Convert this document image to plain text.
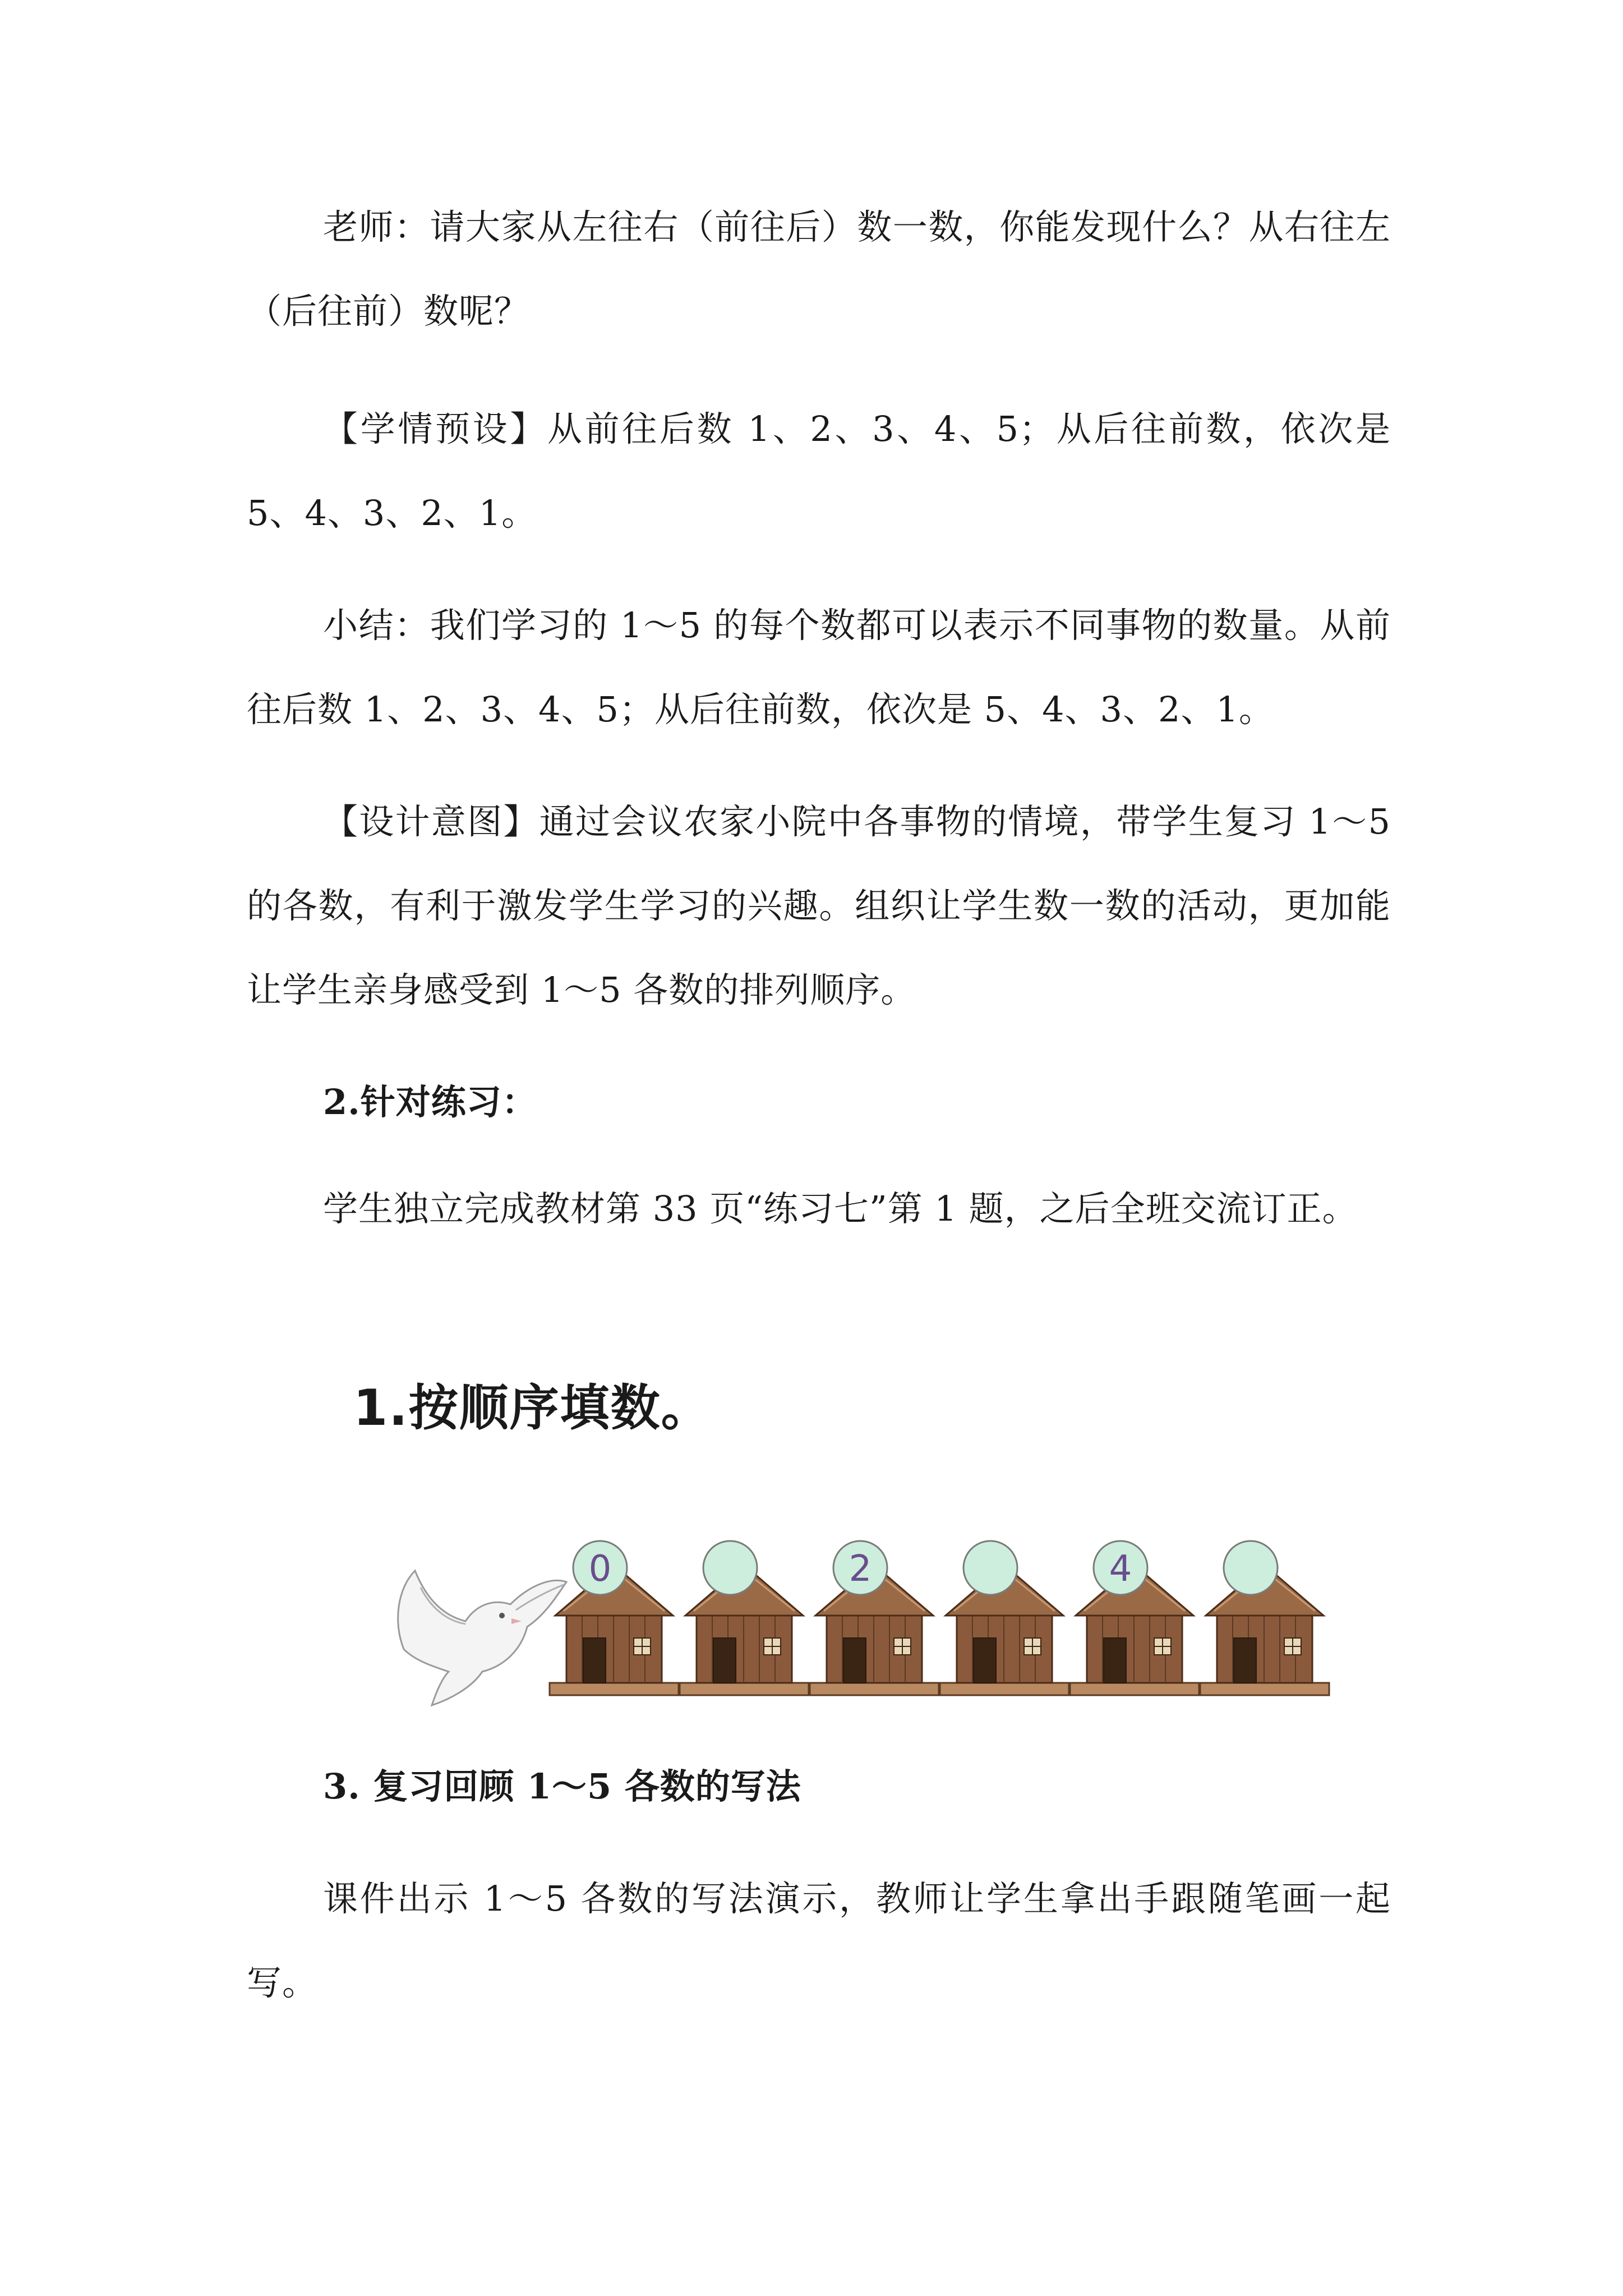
老师：请大家从左往右（前往后）数一数，你能发现什么？从右往左（后往前）数呢？

【学情预设】从前往后数 1、2、3、4、5；从后往前数，依次是 5、4、3、2、1。

小结：我们学习的 1～5 的每个数都可以表示不同事物的数量。从前往后数 1、2、3、4、5；从后往前数，依次是 5、4、3、2、1。

【设计意图】通过会议农家小院中各事物的情境，带学生复习 1～5 的各数，有利于激发学生学习的兴趣。组织让学生数一数的活动，更加能让学生亲身感受到 1～5 各数的排列顺序。

2.针对练习：

学生独立完成教材第 33 页“练习七”第 1 题，之后全班交流订正。

1.按顺序填数。
0	2	4

3. 复习回顾 1～5 各数的写法

课件出示 1～5 各数的写法演示，教师让学生拿出手跟随笔画一起写。
